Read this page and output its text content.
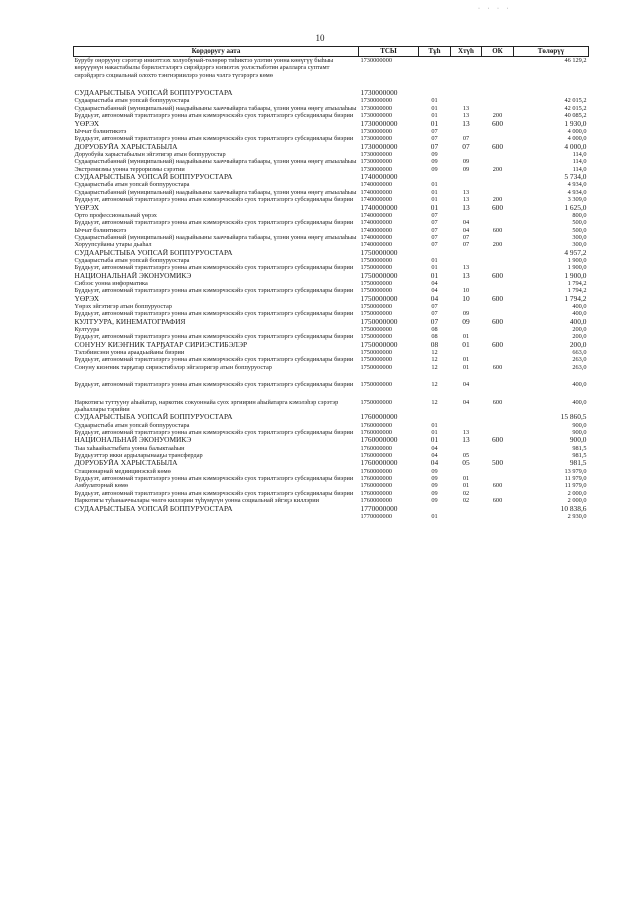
· · · ·
10
Кордоругу аата	ТСЫ	Тұh	Хтүh	ОК	Төлөрүү
Бурубу оңорууну сэрэтэр иниэттээх холуобунай-төлөрөр тиһиктээ улэтин уонна көнүгүү быһыы көрүүүнүн накастабылы бэрилэстэлэргэ сирэйдэргэ нэпиэтэх уолэстыбэтин аралларга суптамт сирэйдэргэ социальнай олохто тэнгнэриилэрэ уонна чэлгэ түгэрэргэ көмө	1730000000				46 129,2
СУДААРЫСТЫБА УОПСАЙ БОППУРУОСТАРА	1730000000				
Судаарыстыба атын уопсай боппуруостара	1730000000	01			42 015,2
Судаарыстыбаннай (муниципальнай) наадыйыыны хааччыйарга табаары, үлэни уонна өңөгү атыылаһыы	1730000000	01	13		42 015,2
Бүддьуэт, автономнай тэрилтэлэргэ уонна атын кэммэрчэскэйэ суох тэрилтэлэргэ субсидиялары биэрии	1730000000	01	13	200	40 085,2
ҮӨРЭХ	1730000000	01	13	600	1 930,0
Ыччат бэлиитикэтэ	1730000000	07			4 000,0
Бүддьуэт, автономнай тэрилтэлэргэ уонна атын кэммэрчэскэйэ суох тэрилтэлэргэ субсидиялары биэрии	1730000000	07	07		4 000,0
ДОРУОБУЙА ХАРЫСТАБЫЛА	1730000000	07	07	600	4 000,0
Доруобуйа харыстабылын эйгэтигэр атын боппуруостар	1730000000	09			114,0
Судаарыстыбаннай (муниципальнай) наадыйыыны хааччыйарга табаары, үлэни уонна өңөгү атыылаһыы	1730000000	09	09		114,0
Экстремизмы уонна терроризмы сэрэтии	1730000000	09	09	200	114,0
СУДААРЫСТЫБА УОПСАЙ БОППУРУОСТАРА	1740000000				5 734,0
Судаарыстыба атын уопсай боппуруостара	1740000000	01			4 934,0
Судаарыстыбаннай (муниципальнай) наадыйыыны хааччыйарга табаары, үлэни уонна өңөгү атыылаһыы	1740000000	01	13		4 934,0
Бүддьуэт, автономнай тэрилтэлэргэ уонна атын кэммэрчэскэйэ суох тэрилтэлэргэ субсидиялары биэрии	1740000000	01	13	200	3 309,0
ҮӨРЭХ	1740000000	01	13	600	1 625,0
Орто профессиональнай үөрэх	1740000000	07			800,0
Бүддьуэт, автономнай тэрилтэлэргэ уонна атын кэммэрчэскэйэ суох тэрилтэлэргэ субсидиялары биэрии	1740000000	07	04		500,0
Ыччат бэлиитикэтэ	1740000000	07	04	600	500,0
Судаарыстыбаннай (муниципальнай) наадыйыыны хааччыйарга табаары, үлэни уонна өңөгү атыылаһыы	1740000000	07	07		300,0
Хоруупсуйаны утары дьаһал	1740000000	07	07	200	300,0
СУДААРЫСТЫБА УОПСАЙ БОППУРУОСТАРА	1750000000				4 957,2
Судаарыстыба атын уопсай боппуруостара	1750000000	01			1 900,0
Бүддьуэт, автономнай тэрилтэлэргэ уонна атын кэммэрчэскэйэ суох тэрилтэлэргэ субсидиялары биэрии	1750000000	01	13		1 900,0
НАЦИОНАЛЬНАЙ ЭКОНУОМИКЭ	1750000000	01	13	600	1 900,0
Сибээс уонна информатика	1750000000	04			1 794,2
Бүддьуэт, автономнай тэрилтэлэргэ уонна атын кэммэрчэскэйэ суох тэрилтэлэргэ субсидиялары биэрии	1750000000	04	10		1 794,2
ҮӨРЭХ	1750000000	04	10	600	1 794,2
Үөрэх эйгэтигэр атын боппуруостар	1750000000	07			400,0
Бүддьуэт, автономнай тэрилтэлэргэ уонна атын кэммэрчэскэйэ суох тэрилтэлэргэ субсидиялары биэрии	1750000000	07	09		400,0
КУЛТУУРА, КИНЕМАТОГРАФИЯ	1750000000	07	09	600	400,0
Култуура	1750000000	08			200,0
Бүддьуэт, автономнай тэрилтэлэргэ уонна атын кэммэрчэскэйэ суох тэрилтэлэргэ субсидиялары биэрии	1750000000	08	01		200,0
СОНУНУ КИЭҤНИК ТАРҔАТАР СИРИЭСТИБЭЛЭР	1750000000	08	01	600	200,0
Тэлэбиисэни уонна араадьыйаны биэрии	1750000000	12			663,0
Бүддьуэт, автономнай тэрилтэлэргэ уонна атын кэммэрчэскэйэ суох тэрилтэлэргэ субсидиялары биэрии	1750000000	12	01		263,0
Сонуну киэҥник тарҕатар сириэстибэлэр эйгэлэригэр атын боппуруостар	1750000000	12	01	600	263,0
Бүддьуэт, автономнай тэрилтэлэргэ уонна атын кэммэрчэскэйэ суох тэрилтэлэргэ субсидиялары биэрии	1750000000	12	04		400,0
Наркотигы туттууну аһыйатар, наркотик сокуоннайа суох эргиирин аһыйатарга кэмэлэһэр сэрэтэр дьаһаллары тэрийии	1750000000	12	04	600	400,0
СУДААРЫСТЫБА УОПСАЙ БОППУРУОСТАРА	1760000000				15 860,5
Судаарыстыба атын уопсай боппуруостара	1760000000	01			900,0
Бүддьуэт, автономнай тэрилтэлэргэ уонна атын кэммэрчэскэйэ суох тэрилтэлэргэ субсидиялары биэрии	1760000000	01	13		900,0
НАЦИОНАЛЬНАЙ ЭКОНУОМИКЭ	1760000000	01	13	600	900,0
Тыа хаһаайыстыбата уонна балыктааһын	1760000000	04			981,5
Бүддьуэттэр икки ардыларынааҕы трансфердар	1760000000	04	05		981,5
ДОРУОБУЙА ХАРЫСТАБЫЛА	1760000000	04	05	500	981,5
Стационарнай медиицинэскэй көмө	1760000000	09			13 979,0
Бүддьуэт, автономнай тэрилтэлэргэ уонна атын кэммэрчэскэйэ суох тэрилтэлэргэ субсидиялары биэрии	1760000000	09	01		11 979,0
Амбулаторнай көмө	1760000000	09	01	600	11 979,0
Бүддьуэт, автономнай тэрилтэлэргэ уонна атын кэммэрчэскэйэ суох тэрилтэлэргэ субсидиялары биэрии	1760000000	09	02		2 000,0
Наркотигы туһанааччылары чөлгө киллэрии түһүмүгүн уонна социальнай эйгэҕэ киллэрии	1760000000	09	02	600	2 000,0
СУДААРЫСТЫБА УОПСАЙ БОППУРУОСТАРА	1770000000				10 838,6
	1770000000	01			2 930,0
